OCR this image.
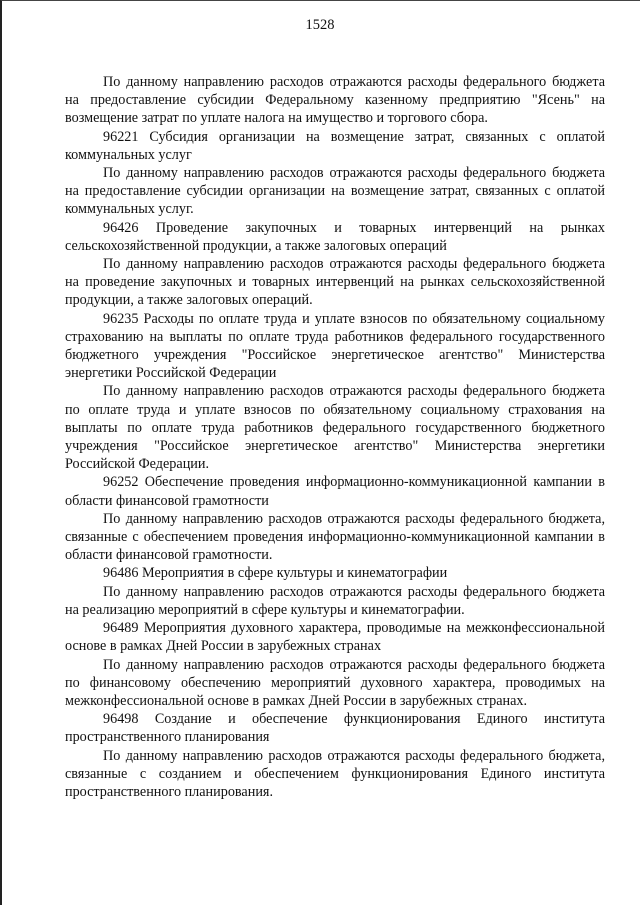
1528

По данному направлению расходов отражаются расходы федерального бюджета на предоставление субсидии Федеральному казенному предприятию "Ясень" на возмещение затрат по уплате налога на имущество и торгового сбора.

96221 Субсидия организации на возмещение затрат, связанных с оплатой коммунальных услуг

По данному направлению расходов отражаются расходы федерального бюджета на предоставление субсидии организации на возмещение затрат, связанных с оплатой коммунальных услуг.

96426 Проведение закупочных и товарных интервенций на рынках сельскохозяйственной продукции, а также залоговых операций

По данному направлению расходов отражаются расходы федерального бюджета на проведение закупочных и товарных интервенций на рынках сельскохозяйственной продукции, а также залоговых операций.

96235 Расходы по оплате труда и уплате взносов по обязательному социальному страхованию на выплаты по оплате труда работников федерального государственного бюджетного учреждения "Российское энергетическое агентство" Министерства энергетики Российской Федерации

По данному направлению расходов отражаются расходы федерального бюджета по оплате труда и уплате взносов по обязательному социальному страхования на выплаты по оплате труда работников федерального государственного бюджетного учреждения "Российское энергетическое агентство" Министерства энергетики Российской Федерации.

96252 Обеспечение проведения информационно-коммуникационной кампании в области финансовой грамотности

По данному направлению расходов отражаются расходы федерального бюджета, связанные с обеспечением проведения информационно-коммуникационной кампании в области финансовой грамотности.

96486 Мероприятия в сфере культуры и кинематографии

По данному направлению расходов отражаются расходы федерального бюджета на реализацию мероприятий в сфере культуры и кинематографии.

96489 Мероприятия духовного характера, проводимые на межконфессиональной основе в рамках Дней России в зарубежных странах

По данному направлению расходов отражаются расходы федерального бюджета по финансовому обеспечению мероприятий духовного характера, проводимых на межконфессиональной основе в рамках Дней России в зарубежных странах.

96498 Создание и обеспечение функционирования Единого института пространственного планирования

По данному направлению расходов отражаются расходы федерального бюджета, связанные с созданием и обеспечением функционирования Единого института пространственного планирования.
